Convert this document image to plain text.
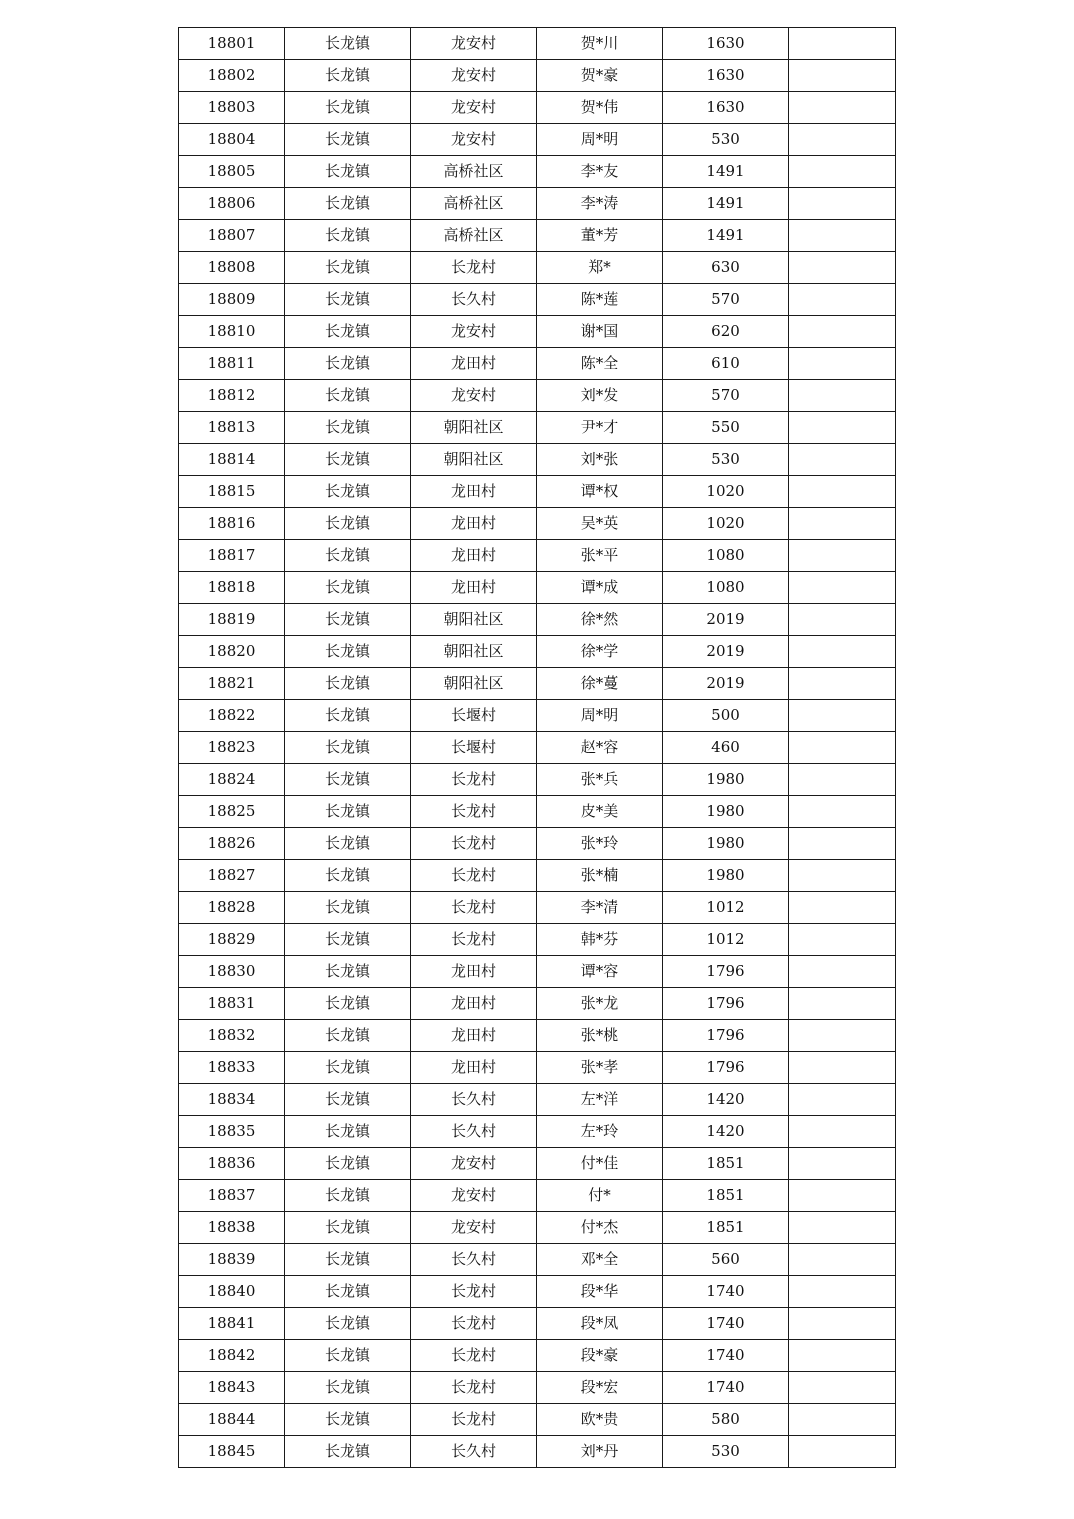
18801	长龙镇	龙安村	贺*川	1630	
18802	长龙镇	龙安村	贺*豪	1630	
18803	长龙镇	龙安村	贺*伟	1630	
18804	长龙镇	龙安村	周*明	530	
18805	长龙镇	高桥社区	李*友	1491	
18806	长龙镇	高桥社区	李*涛	1491	
18807	长龙镇	高桥社区	董*芳	1491	
18808	长龙镇	长龙村	郑*	630	
18809	长龙镇	长久村	陈*莲	570	
18810	长龙镇	龙安村	谢*国	620	
18811	长龙镇	龙田村	陈*全	610	
18812	长龙镇	龙安村	刘*发	570	
18813	长龙镇	朝阳社区	尹*才	550	
18814	长龙镇	朝阳社区	刘*张	530	
18815	长龙镇	龙田村	谭*权	1020	
18816	长龙镇	龙田村	吴*英	1020	
18817	长龙镇	龙田村	张*平	1080	
18818	长龙镇	龙田村	谭*成	1080	
18819	长龙镇	朝阳社区	徐*然	2019	
18820	长龙镇	朝阳社区	徐*学	2019	
18821	长龙镇	朝阳社区	徐*蔓	2019	
18822	长龙镇	长堰村	周*明	500	
18823	长龙镇	长堰村	赵*容	460	
18824	长龙镇	长龙村	张*兵	1980	
18825	长龙镇	长龙村	皮*美	1980	
18826	长龙镇	长龙村	张*玲	1980	
18827	长龙镇	长龙村	张*楠	1980	
18828	长龙镇	长龙村	李*清	1012	
18829	长龙镇	长龙村	韩*芬	1012	
18830	长龙镇	龙田村	谭*容	1796	
18831	长龙镇	龙田村	张*龙	1796	
18832	长龙镇	龙田村	张*桃	1796	
18833	长龙镇	龙田村	张*孝	1796	
18834	长龙镇	长久村	左*洋	1420	
18835	长龙镇	长久村	左*玲	1420	
18836	长龙镇	龙安村	付*佳	1851	
18837	长龙镇	龙安村	付*	1851	
18838	长龙镇	龙安村	付*杰	1851	
18839	长龙镇	长久村	邓*全	560	
18840	长龙镇	长龙村	段*华	1740	
18841	长龙镇	长龙村	段*凤	1740	
18842	长龙镇	长龙村	段*豪	1740	
18843	长龙镇	长龙村	段*宏	1740	
18844	长龙镇	长龙村	欧*贵	580	
18845	长龙镇	长久村	刘*丹	530	
